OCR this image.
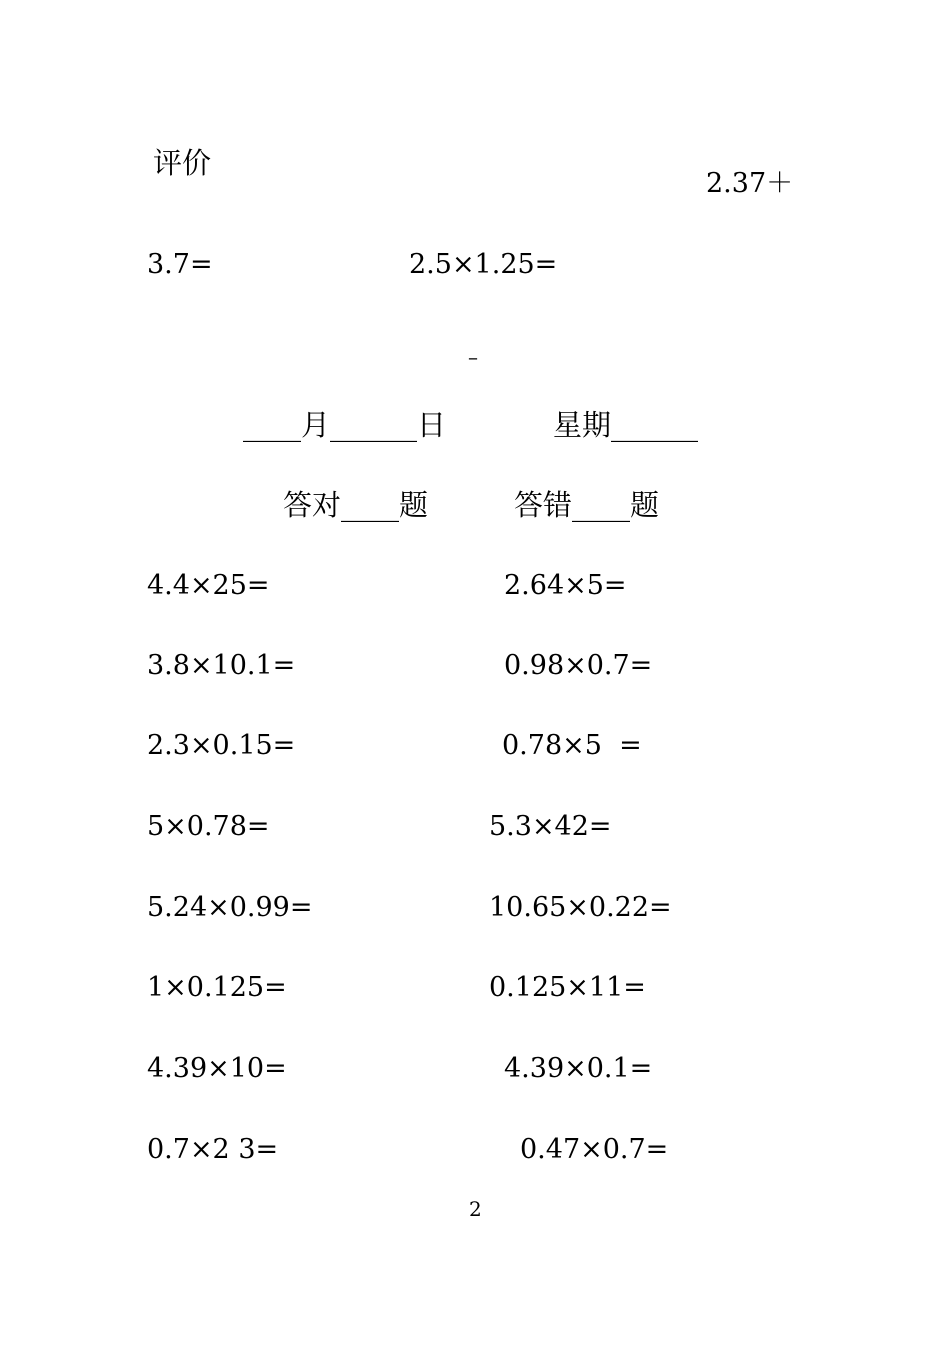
评价
2.37＋
3.7=	2.5×1.25=
–
____月______日	星期______
答对____题	答错____题
4.4×25=	2.64×5=
3.8×10.1=	0.98×0.7=
2.3×0.15=	0.78×5  =
5×0.78=	5.3×42=
5.24×0.99=	10.65×0.22=
1×0.125=	0.125×11=
4.39×10=	4.39×0.1=
0.7×2 3=	0.47×0.7=
2
